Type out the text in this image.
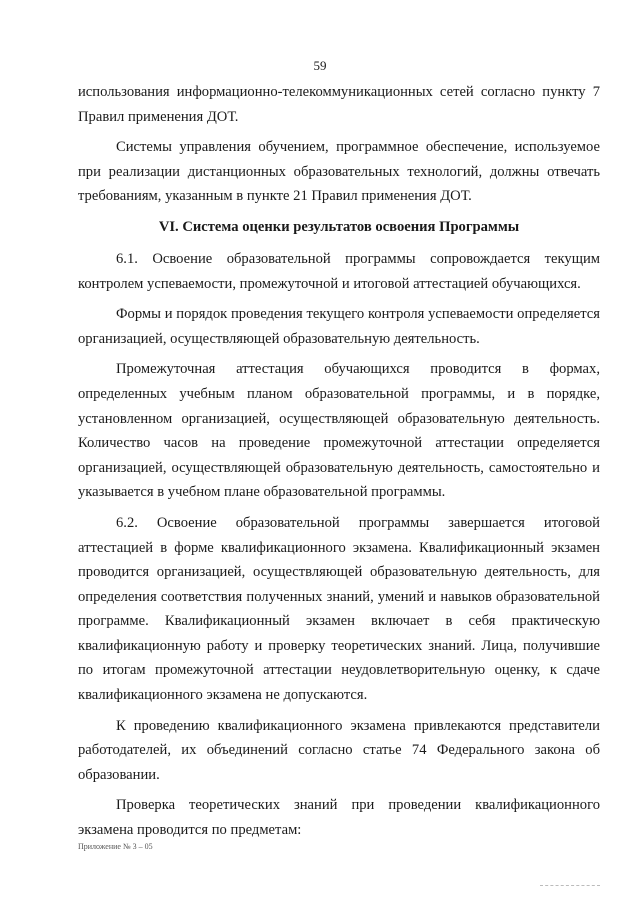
59

использования информационно-телекоммуникационных сетей согласно пункту 7 Правил применения ДОТ.

Системы управления обучением, программное обеспечение, используемое при реализации дистанционных образовательных технологий, должны отвечать требованиям, указанным в пункте 21 Правил применения ДОТ.

VI. Система оценки результатов освоения Программы

6.1. Освоение образовательной программы сопровождается текущим контролем успеваемости, промежуточной и итоговой аттестацией обучающихся.

Формы и порядок проведения текущего контроля успеваемости определяется организацией, осуществляющей образовательную деятельность.

Промежуточная аттестация обучающихся проводится в формах, определенных учебным планом образовательной программы, и в порядке, установленном организацией, осуществляющей образовательную деятельность. Количество часов на проведение промежуточной аттестации определяется организацией, осуществляющей образовательную деятельность, самостоятельно и указывается в учебном плане образовательной программы.

6.2. Освоение образовательной программы завершается итоговой аттестацией в форме квалификационного экзамена. Квалификационный экзамен проводится организацией, осуществляющей образовательную деятельность, для определения соответствия полученных знаний, умений и навыков образовательной программе. Квалификационный экзамен включает в себя практическую квалификационную работу и проверку теоретических знаний. Лица, получившие по итогам промежуточной аттестации неудовлетворительную оценку, к сдаче квалификационного экзамена не допускаются.

К проведению квалификационного экзамена привлекаются представители работодателей, их объединений согласно статье 74 Федерального закона об образовании.

Проверка теоретических знаний при проведении квалификационного экзамена проводится по предметам:

Приложение № 3 – 05
